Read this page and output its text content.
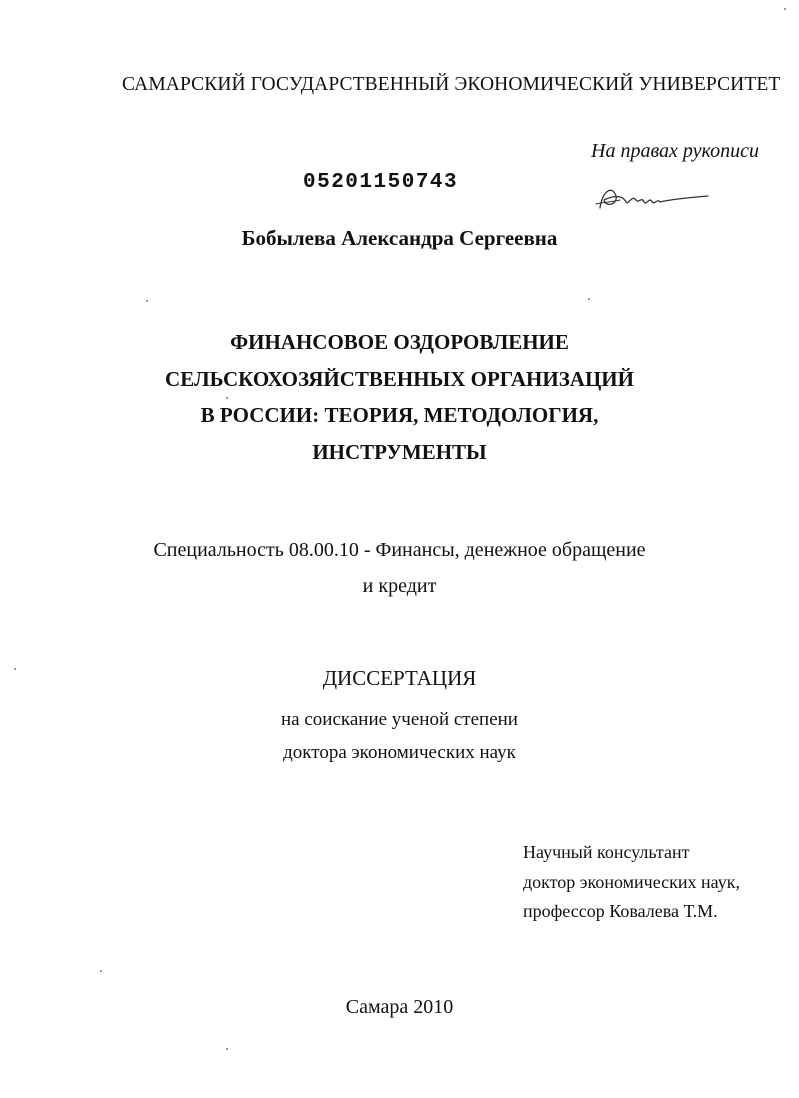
САМАРСКИЙ ГОСУДАРСТВЕННЫЙ ЭКОНОМИЧЕСКИЙ УНИВЕРСИТЕТ
На правах рукописи
05201150743
Бобылева Александра Сергеевна
ФИНАНСОВОЕ ОЗДОРОВЛЕНИЕ
СЕЛЬСКОХОЗЯЙСТВЕННЫХ ОРГАНИЗАЦИЙ
В РОССИИ: ТЕОРИЯ, МЕТОДОЛОГИЯ,
ИНСТРУМЕНТЫ
Специальность 08.00.10 - Финансы, денежное обращение
и кредит
ДИССЕРТАЦИЯ
на соискание ученой степени
доктора экономических наук
Научный консультант
доктор экономических наук,
профессор Ковалева Т.М.
Самара 2010
